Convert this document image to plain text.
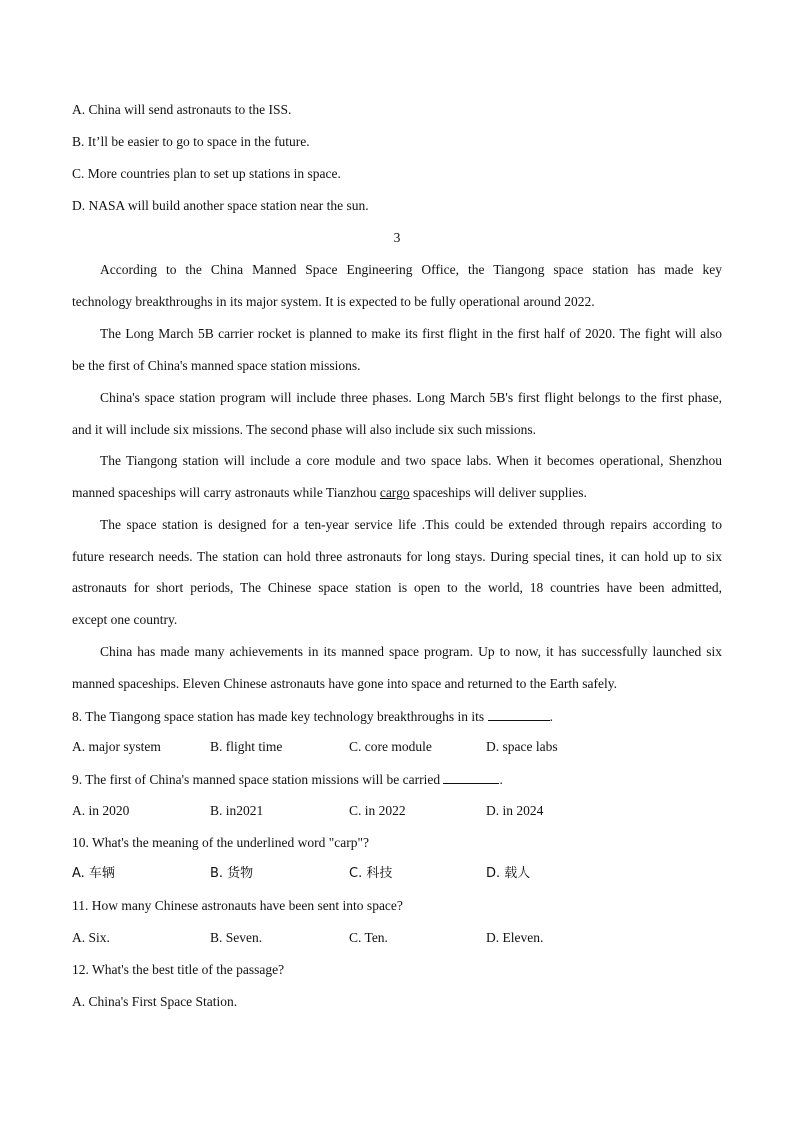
A. China will send astronauts to the ISS.
B. It’ll be easier to go to space in the future.
C. More countries plan to set up stations in space.
D. NASA will build another space station near the sun.
3
According to the China Manned Space Engineering Office, the Tiangong space station has made key
technology breakthroughs in its major system. It is expected to be fully operational around 2022.
The Long March 5B carrier rocket is planned to make its first flight in the first half of 2020. The fight will also
be the first of China's manned space station missions.
China's space station program will include three phases. Long March 5B's first flight belongs to the first phase,
and it will include six missions. The second phase will also include six such missions.
The Tiangong station will include a core module and two space labs. When it becomes operational, Shenzhou
manned spaceships will carry astronauts while Tianzhou cargo spaceships will deliver supplies.
The space station is designed for a ten-year service life .This could be extended through repairs according to
future research needs. The station can hold three astronauts for long stays. During special tines, it can hold up to six
astronauts for short periods, The Chinese space station is open to the world, 18 countries have been admitted,
except one country.
China has made many achievements in its manned space program. Up to now, it has successfully launched six
manned spaceships. Eleven Chinese astronauts have gone into space and returned to the Earth safely.
8. The Tiangong space station has made key technology breakthroughs in its	.
A. major system	B. flight time	C. core module	D. space labs
9. The first of China's manned space station missions will be carried	.
A. in 2020	B. in2021	C. in 2022	D. in 2024
10. What's the meaning of the underlined word "carp"?
A. 车辆	B. 货物	C. 科技	D. 载人
11. How many Chinese astronauts have been sent into space?
A. Six.	B. Seven.	C. Ten.	D. Eleven.
12. What's the best title of the passage?
A. China's First Space Station.
